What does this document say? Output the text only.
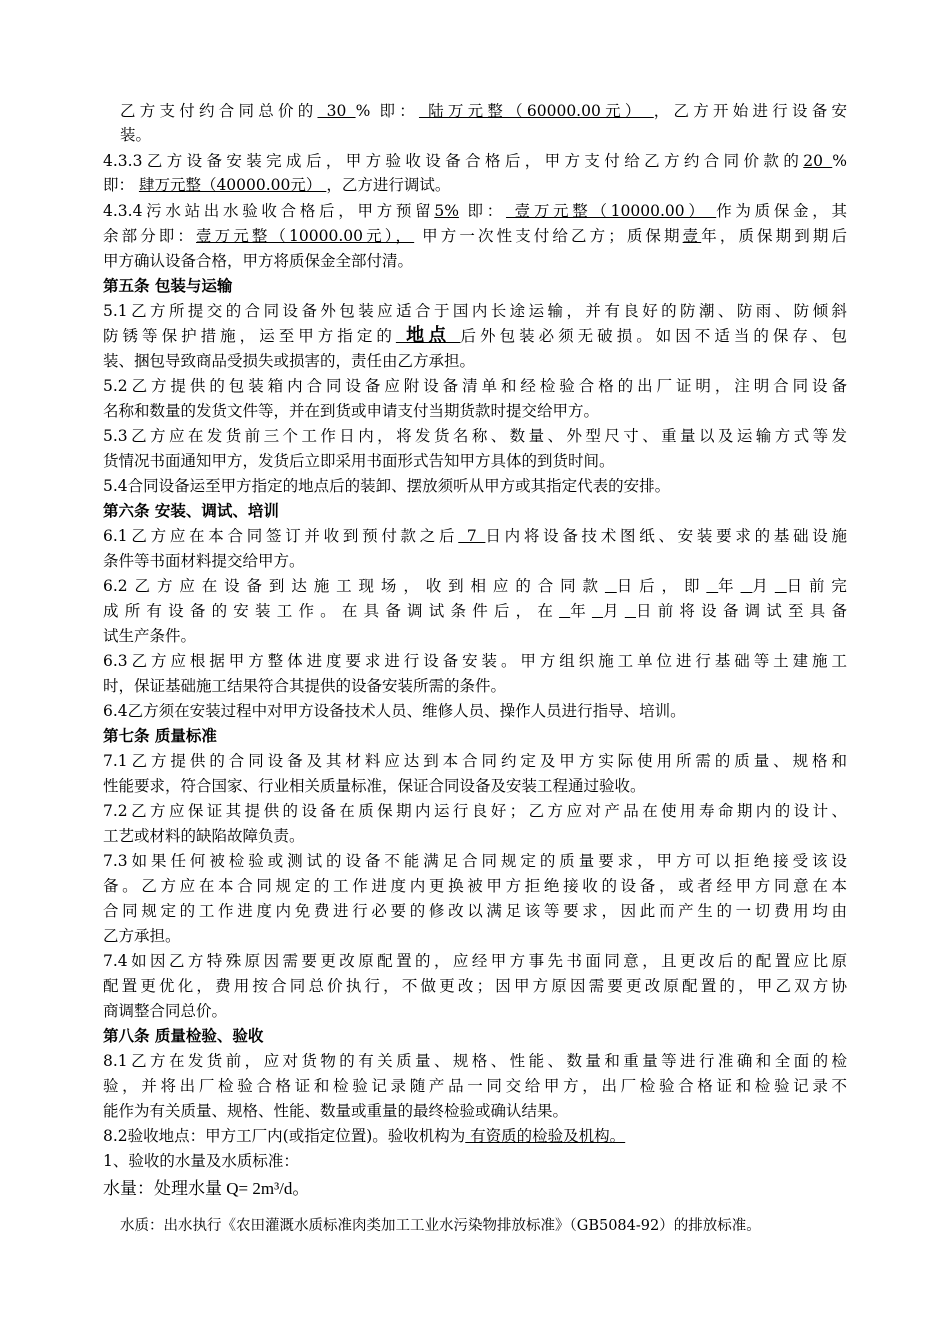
乙方支付约合同总价的 30 % 即： 陆万元整（60000.00元） ，乙方开始进行设备安
装。
4.3.3乙方设备安装完成后，甲方验收设备合格后，甲方支付给乙方约合同价款的20 %
即： 肆万元整（40000.00元） ，乙方进行调试。
4.3.4污水站出水验收合格后，甲方预留5% 即： 壹万元整（10000.00） 作为质保金，其
余部分即：壹万元整（10000.00元）， 甲方一次性支付给乙方；质保期壹年，质保期到期后
甲方确认设备合格，甲方将质保金全部付清。
第五条 包装与运输
5.1乙方所提交的合同设备外包装应适合于国内长途运输，并有良好的防潮、防雨、防倾斜
防锈等保护措施，运至甲方指定的 地点 后外包装必须无破损。如因不适当的保存、包
装、捆包导致商品受损失或损害的，责任由乙方承担。
5.2乙方提供的包装箱内合同设备应附设备清单和经检验合格的出厂证明，注明合同设备
名称和数量的发货文件等，并在到货或申请支付当期货款时提交给甲方。
5.3乙方应在发货前三个工作日内，将发货名称、数量、外型尺寸、重量以及运输方式等发
货情况书面通知甲方，发货后立即采用书面形式告知甲方具体的到货时间。
5.4合同设备运至甲方指定的地点后的装卸、摆放须听从甲方或其指定代表的安排。
第六条 安装、调试、培训
6.1乙方应在本合同签订并收到预付款之后 7 日内将设备技术图纸、安装要求的基础设施
条件等书面材料提交给甲方。
6.2乙方应在设备到达施工现场，收到相应的合同款 日后，即 年 月 日前完
成所有设备的安装工作。在具备调试条件后，在 年 月 日前将设备调试至具备
试生产条件。
6.3乙方应根据甲方整体进度要求进行设备安装。甲方组织施工单位进行基础等土建施工
时，保证基础施工结果符合其提供的设备安装所需的条件。
6.4乙方须在安装过程中对甲方设备技术人员、维修人员、操作人员进行指导、培训。
第七条 质量标准
7.1乙方提供的合同设备及其材料应达到本合同约定及甲方实际使用所需的质量、规格和
性能要求，符合国家、行业相关质量标准，保证合同设备及安装工程通过验收。
7.2乙方应保证其提供的设备在质保期内运行良好；乙方应对产品在使用寿命期内的设计、
工艺或材料的缺陷故障负责。
7.3如果任何被检验或测试的设备不能满足合同规定的质量要求，甲方可以拒绝接受该设
备。乙方应在本合同规定的工作进度内更换被甲方拒绝接收的设备，或者经甲方同意在本
合同规定的工作进度内免费进行必要的修改以满足该等要求，因此而产生的一切费用均由
乙方承担。
7.4如因乙方特殊原因需要更改原配置的，应经甲方事先书面同意，且更改后的配置应比原
配置更优化，费用按合同总价执行，不做更改；因甲方原因需要更改原配置的，甲乙双方协
商调整合同总价。
第八条 质量检验、验收
8.1乙方在发货前，应对货物的有关质量、规格、性能、数量和重量等进行准确和全面的检
验，并将出厂检验合格证和检验记录随产品一同交给甲方，出厂检验合格证和检验记录不
能作为有关质量、规格、性能、数量或重量的最终检验或确认结果。
8.2验收地点：甲方工厂内(或指定位置)。验收机构为 有资质的检验及机构。
1、验收的水量及水质标准：
水量：处理水量 Q= 2m³/d。
水质：出水执行《农田灌溉水质标准肉类加工工业水污染物排放标准》（GB5084-92）的排放标准。
